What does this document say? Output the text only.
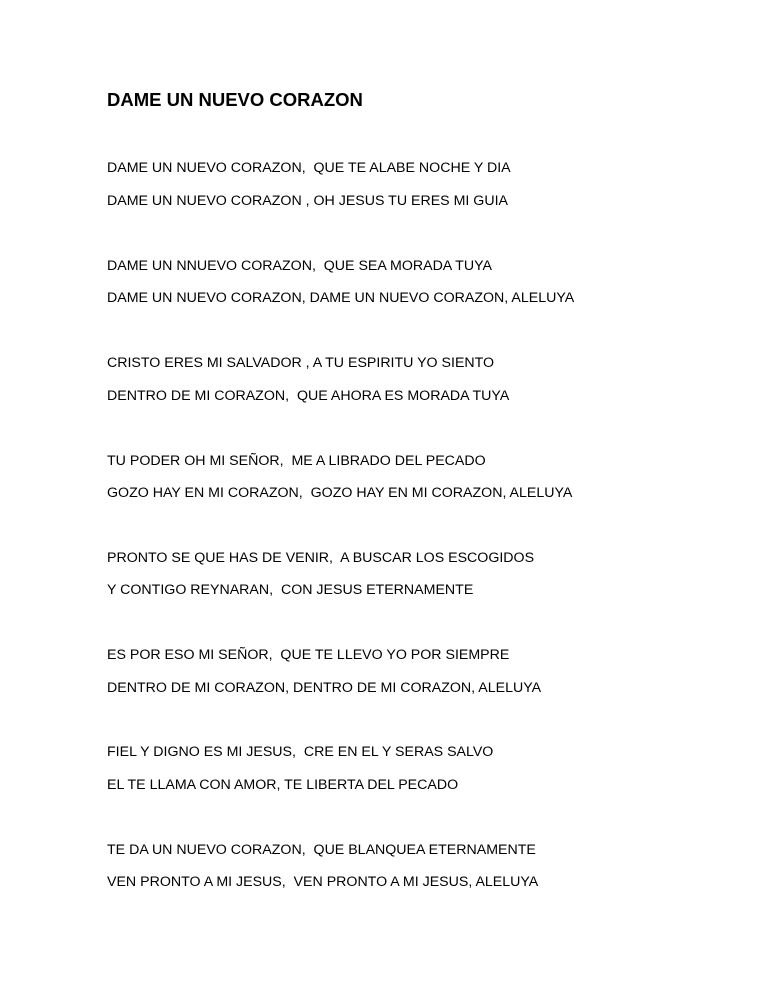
DAME UN NUEVO CORAZON
DAME UN NUEVO CORAZON,  QUE TE ALABE NOCHE Y DIA
DAME UN NUEVO CORAZON , OH JESUS TU ERES MI GUIA
DAME UN NNUEVO CORAZON,  QUE SEA MORADA TUYA
DAME UN NUEVO CORAZON, DAME UN NUEVO CORAZON, ALELUYA
CRISTO ERES MI SALVADOR , A TU ESPIRITU YO SIENTO
DENTRO DE MI CORAZON,  QUE AHORA ES MORADA TUYA
TU PODER OH MI SEÑOR,  ME A LIBRADO DEL PECADO
GOZO HAY EN MI CORAZON,  GOZO HAY EN MI CORAZON, ALELUYA
PRONTO SE QUE HAS DE VENIR,  A BUSCAR LOS ESCOGIDOS
Y CONTIGO REYNARAN,  CON JESUS ETERNAMENTE
ES POR ESO MI SEÑOR,  QUE TE LLEVO YO POR SIEMPRE
DENTRO DE MI CORAZON, DENTRO DE MI CORAZON, ALELUYA
FIEL Y DIGNO ES MI JESUS,  CRE EN EL Y SERAS SALVO
EL TE LLAMA CON AMOR, TE LIBERTA DEL PECADO
TE DA UN NUEVO CORAZON,  QUE BLANQUEA ETERNAMENTE
VEN PRONTO A MI JESUS,  VEN PRONTO A MI JESUS, ALELUYA
